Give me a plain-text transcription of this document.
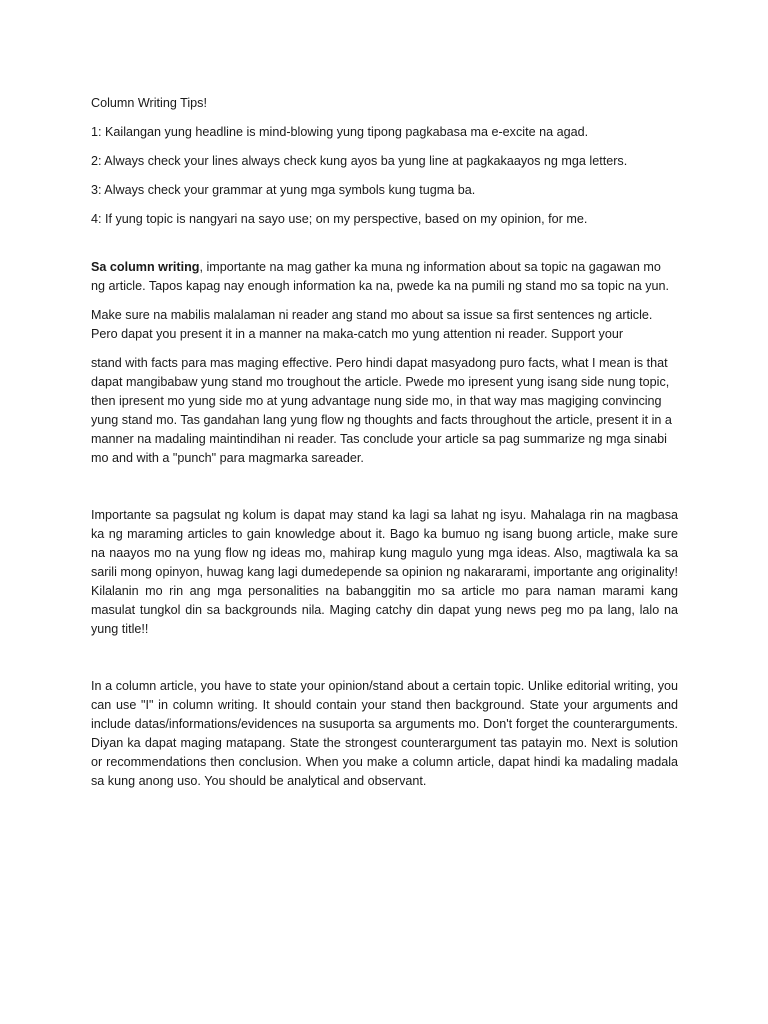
Column Writing Tips!

1: Kailangan yung headline is mind-blowing yung tipong pagkabasa ma e-excite na agad.

2: Always check your lines always check kung ayos ba yung line at pagkakaayos ng mga letters.

3: Always check your grammar at yung mga symbols kung tugma ba.

4: If yung topic is nangyari na sayo use; on my perspective, based on my opinion, for me.

Sa column writing, importante na mag gather ka muna ng information about sa topic na gagawan mo ng article. Tapos kapag nay enough information ka na, pwede ka na pumili ng stand mo sa topic na yun.

Make sure na mabilis malalaman ni reader ang stand mo about sa issue sa first sentences ng article. Pero dapat you present it in a manner na maka-catch mo yung attention ni reader. Support your

stand with facts para mas maging effective. Pero hindi dapat masyadong puro facts, what I mean is that dapat mangibabaw yung stand mo troughout the article. Pwede mo ipresent yung isang side nung topic, then ipresent mo yung side mo at yung advantage nung side mo, in that way mas magiging convincing yung stand mo. Tas gandahan lang yung flow ng thoughts and facts throughout the article, present it in a manner na madaling maintindihan ni reader. Tas conclude your article sa pag summarize ng mga sinabi mo and with a "punch" para magmarka sareader.

Importante sa pagsulat ng kolum is dapat may stand ka lagi sa lahat ng isyu. Mahalaga rin na magbasa ka ng maraming articles to gain knowledge about it. Bago ka bumuo ng isang buong article, make sure na naayos mo na yung flow ng ideas mo, mahirap kung magulo yung mga ideas. Also, magtiwala ka sa sarili mong opinyon, huwag kang lagi dumedepende sa opinion ng nakararami, importante ang originality! Kilalanin mo rin ang mga personalities na babanggitin mo sa article mo para naman marami kang masulat tungkol din sa backgrounds nila. Maging catchy din dapat yung news peg mo pa lang, lalo na yung title!!

In a column article, you have to state your opinion/stand about a certain topic. Unlike editorial writing, you can use "I" in column writing. It should contain your stand then background. State your arguments and include datas/informations/evidences na susuporta sa arguments mo. Don't forget the counterarguments. Diyan ka dapat maging matapang. State the strongest counterargument tas patayin mo. Next is solution or recommendations then conclusion. When you make a column article, dapat hindi ka madaling madala sa kung anong uso. You should be analytical and observant.
